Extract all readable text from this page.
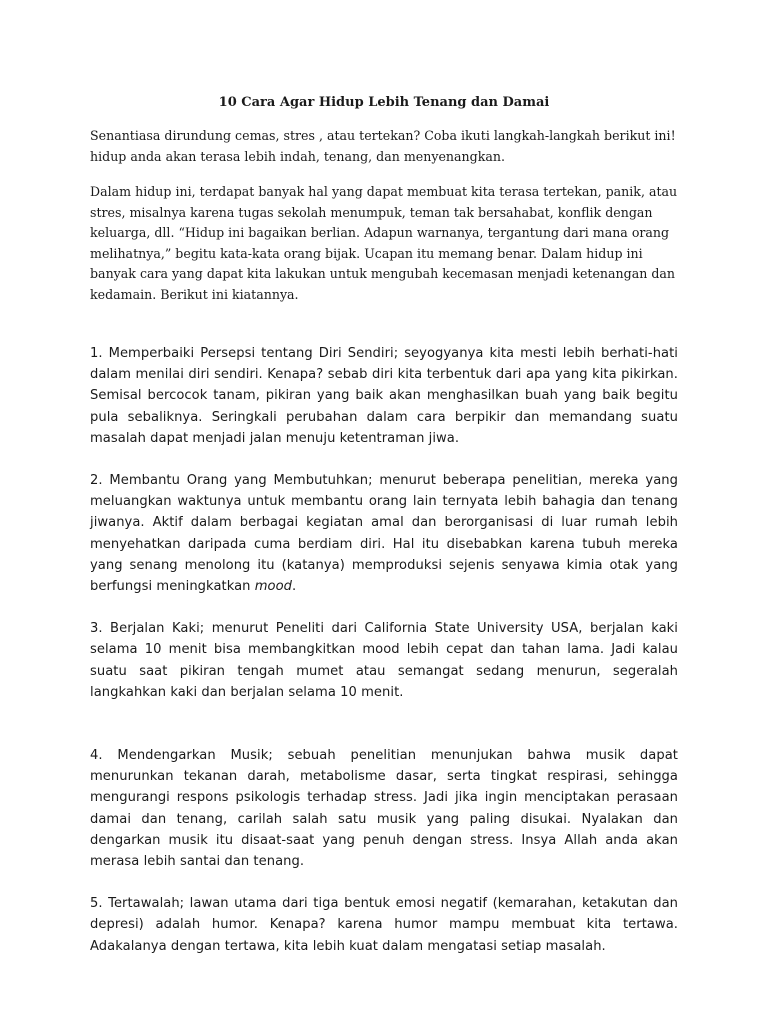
10 Cara Agar Hidup Lebih Tenang dan Damai

Senantiasa dirundung cemas, stres , atau tertekan? Coba ikuti langkah-langkah berikut ini! hidup anda akan terasa lebih indah, tenang, dan menyenangkan.

Dalam hidup ini, terdapat banyak hal yang dapat membuat kita terasa tertekan, panik, atau stres, misalnya karena tugas sekolah menumpuk, teman tak bersahabat, konflik dengan keluarga, dll. “Hidup ini bagaikan berlian. Adapun warnanya, tergantung dari mana orang melihatnya,” begitu kata-kata orang bijak. Ucapan itu memang benar. Dalam hidup ini banyak cara yang dapat kita lakukan untuk mengubah kecemasan menjadi ketenangan dan kedamain. Berikut ini kiatannya.

1. Memperbaiki Persepsi tentang Diri Sendiri; seyogyanya kita mesti lebih berhati-hati dalam menilai diri sendiri. Kenapa? sebab diri kita terbentuk dari apa yang kita pikirkan. Semisal bercocok tanam, pikiran yang baik akan menghasilkan buah yang baik begitu pula sebaliknya. Seringkali perubahan dalam cara berpikir dan memandang suatu masalah dapat menjadi jalan menuju ketentraman jiwa.

2. Membantu Orang yang Membutuhkan; menurut beberapa penelitian, mereka yang meluangkan waktunya untuk membantu orang lain ternyata lebih bahagia dan tenang jiwanya. Aktif dalam berbagai kegiatan amal dan berorganisasi di luar rumah lebih menyehatkan daripada cuma berdiam diri. Hal itu disebabkan karena tubuh mereka yang senang menolong itu (katanya) memproduksi sejenis senyawa kimia otak yang berfungsi meningkatkan mood.

3. Berjalan Kaki; menurut Peneliti dari California State University USA, berjalan kaki selama 10 menit bisa membangkitkan mood lebih cepat dan tahan lama. Jadi kalau suatu saat pikiran tengah mumet atau semangat sedang menurun, segeralah langkahkan kaki dan berjalan selama 10 menit.

4. Mendengarkan Musik; sebuah penelitian menunjukan bahwa musik dapat menurunkan tekanan darah, metabolisme dasar, serta tingkat respirasi, sehingga mengurangi respons psikologis terhadap stress. Jadi jika ingin menciptakan perasaan damai dan tenang, carilah salah satu musik yang paling disukai. Nyalakan dan dengarkan musik itu disaat-saat yang penuh dengan stress. Insya Allah anda akan merasa lebih santai dan tenang.

5. Tertawalah; lawan utama dari tiga bentuk emosi negatif (kemarahan, ketakutan dan depresi) adalah humor. Kenapa? karena humor mampu membuat kita tertawa. Adakalanya dengan tertawa, kita lebih kuat dalam mengatasi setiap masalah.
